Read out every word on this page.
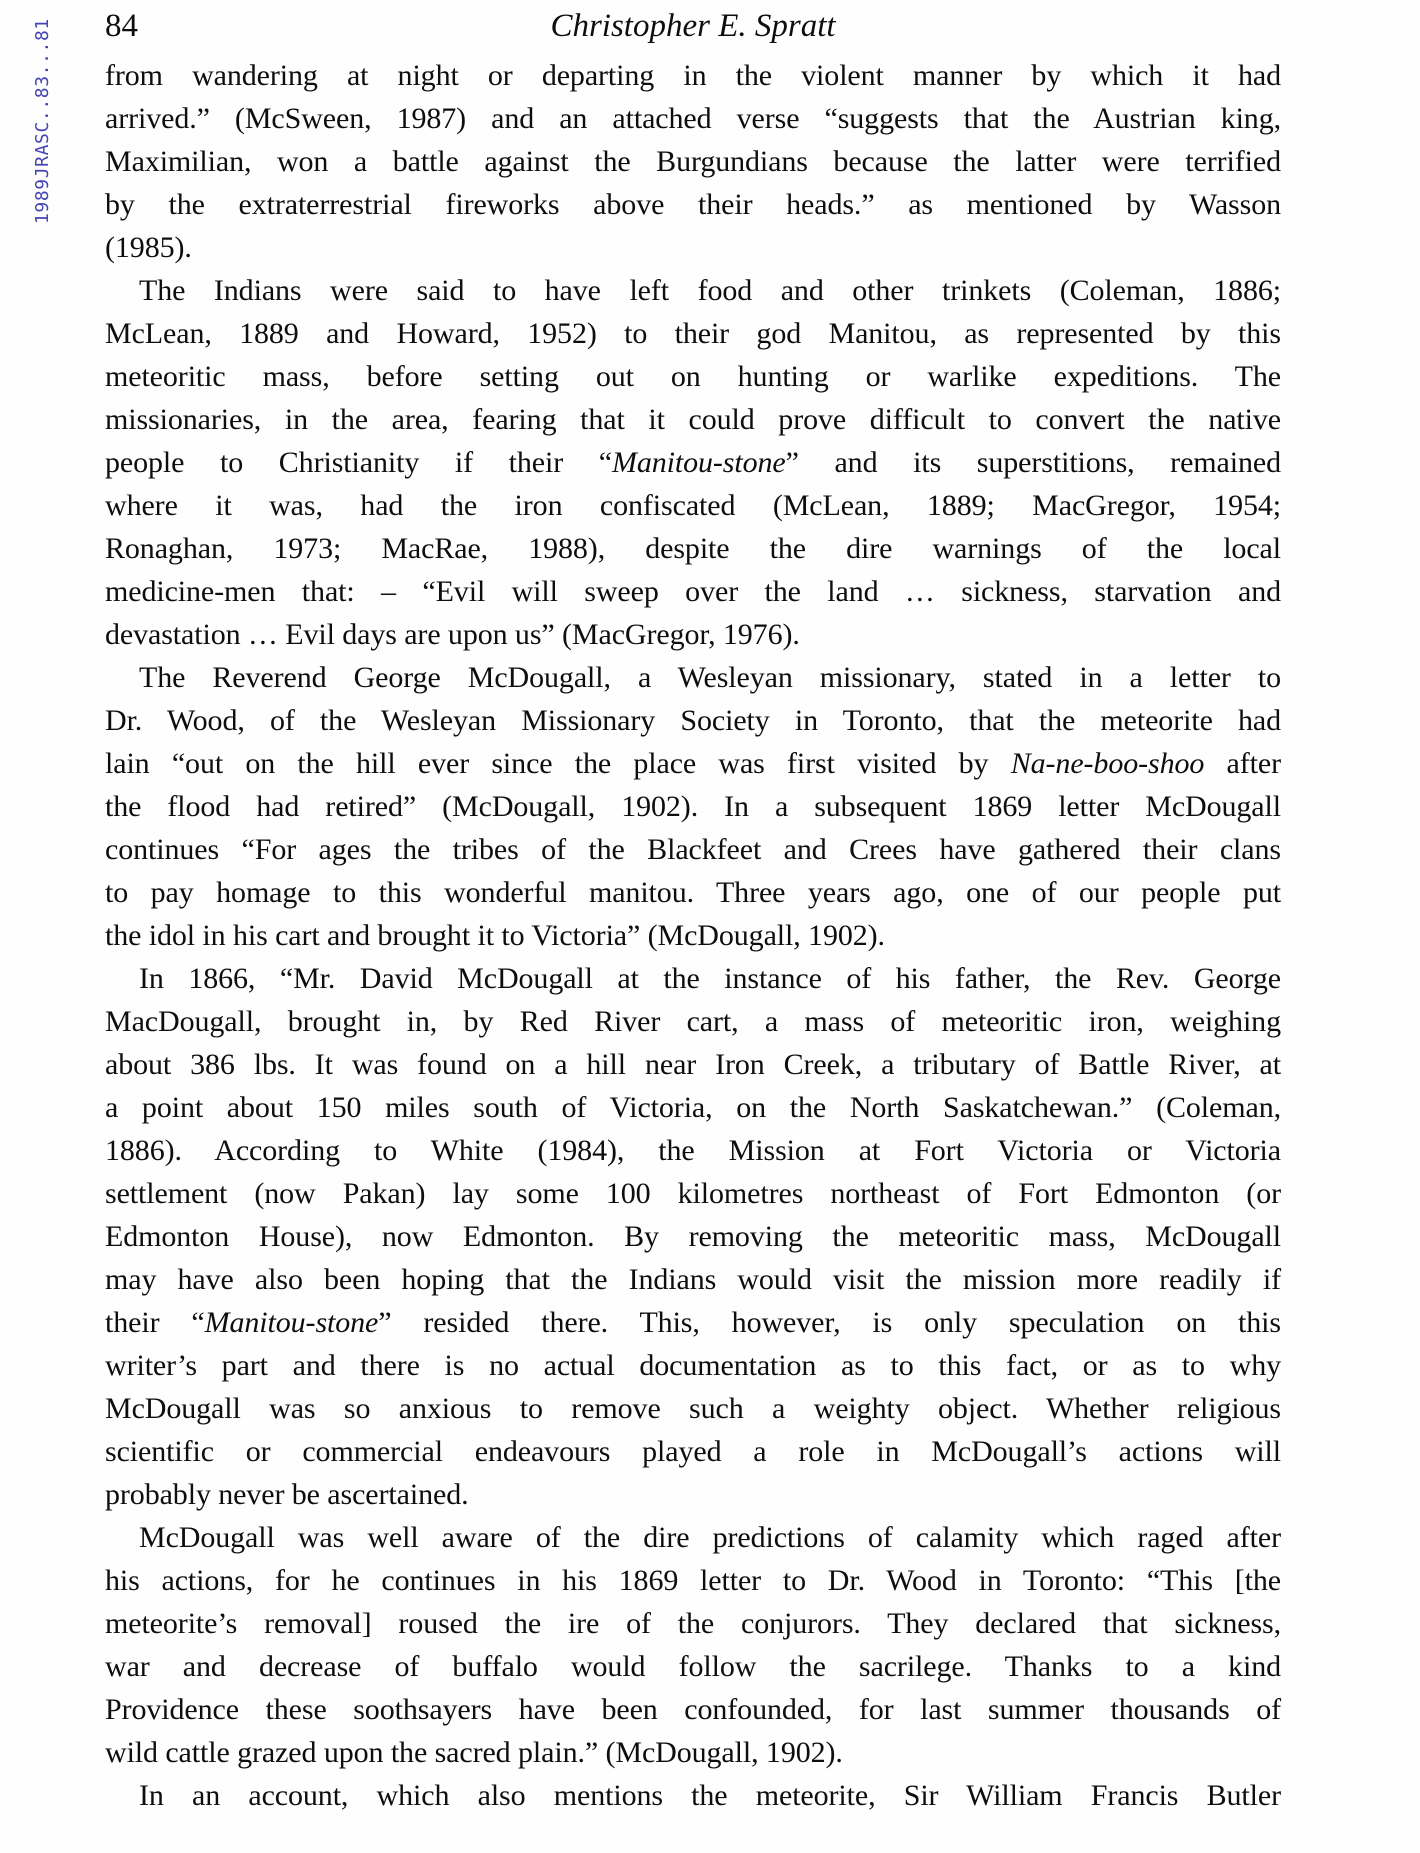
1989JRASC..83...81 84	Christopher E. Spratt
from wandering at night or departing in the violent manner by which it had
arrived.” (McSween, 1987) and an attached verse “suggests that the Austrian king,
Maximilian, won a battle against the Burgundians because the latter were terrified
by the extraterrestrial fireworks above their heads.” as mentioned by Wasson
(1985).
The Indians were said to have left food and other trinkets (Coleman, 1886;
McLean, 1889 and Howard, 1952) to their god Manitou, as represented by this
meteoritic mass, before setting out on hunting or warlike expeditions. The
missionaries, in the area, fearing that it could prove difficult to convert the native
people to Christianity if their “Manitou-stone” and its superstitions, remained
where it was, had the iron confiscated (McLean, 1889; MacGregor, 1954;
Ronaghan, 1973; MacRae, 1988), despite the dire warnings of the local
medicine-men that: – “Evil will sweep over the land … sickness, starvation and
devastation … Evil days are upon us” (MacGregor, 1976).
The Reverend George McDougall, a Wesleyan missionary, stated in a letter to
Dr. Wood, of the Wesleyan Missionary Society in Toronto, that the meteorite had
lain “out on the hill ever since the place was first visited by Na-ne-boo-shoo after
the flood had retired” (McDougall, 1902). In a subsequent 1869 letter McDougall
continues “For ages the tribes of the Blackfeet and Crees have gathered their clans
to pay homage to this wonderful manitou. Three years ago, one of our people put
the idol in his cart and brought it to Victoria” (McDougall, 1902).
In 1866, “Mr. David McDougall at the instance of his father, the Rev. George
MacDougall, brought in, by Red River cart, a mass of meteoritic iron, weighing
about 386 lbs. It was found on a hill near Iron Creek, a tributary of Battle River, at
a point about 150 miles south of Victoria, on the North Saskatchewan.” (Coleman,
1886). According to White (1984), the Mission at Fort Victoria or Victoria
settlement (now Pakan) lay some 100 kilometres northeast of Fort Edmonton (or
Edmonton House), now Edmonton. By removing the meteoritic mass, McDougall
may have also been hoping that the Indians would visit the mission more readily if
their “Manitou-stone” resided there. This, however, is only speculation on this
writer’s part and there is no actual documentation as to this fact, or as to why
McDougall was so anxious to remove such a weighty object. Whether religious
scientific or commercial endeavours played a role in McDougall’s actions will
probably never be ascertained.
McDougall was well aware of the dire predictions of calamity which raged after
his actions, for he continues in his 1869 letter to Dr. Wood in Toronto: “This [the
meteorite’s removal] roused the ire of the conjurors. They declared that sickness,
war and decrease of buffalo would follow the sacrilege. Thanks to a kind
Providence these soothsayers have been confounded, for last summer thousands of
wild cattle grazed upon the sacred plain.” (McDougall, 1902).
In an account, which also mentions the meteorite, Sir William Francis Butler
